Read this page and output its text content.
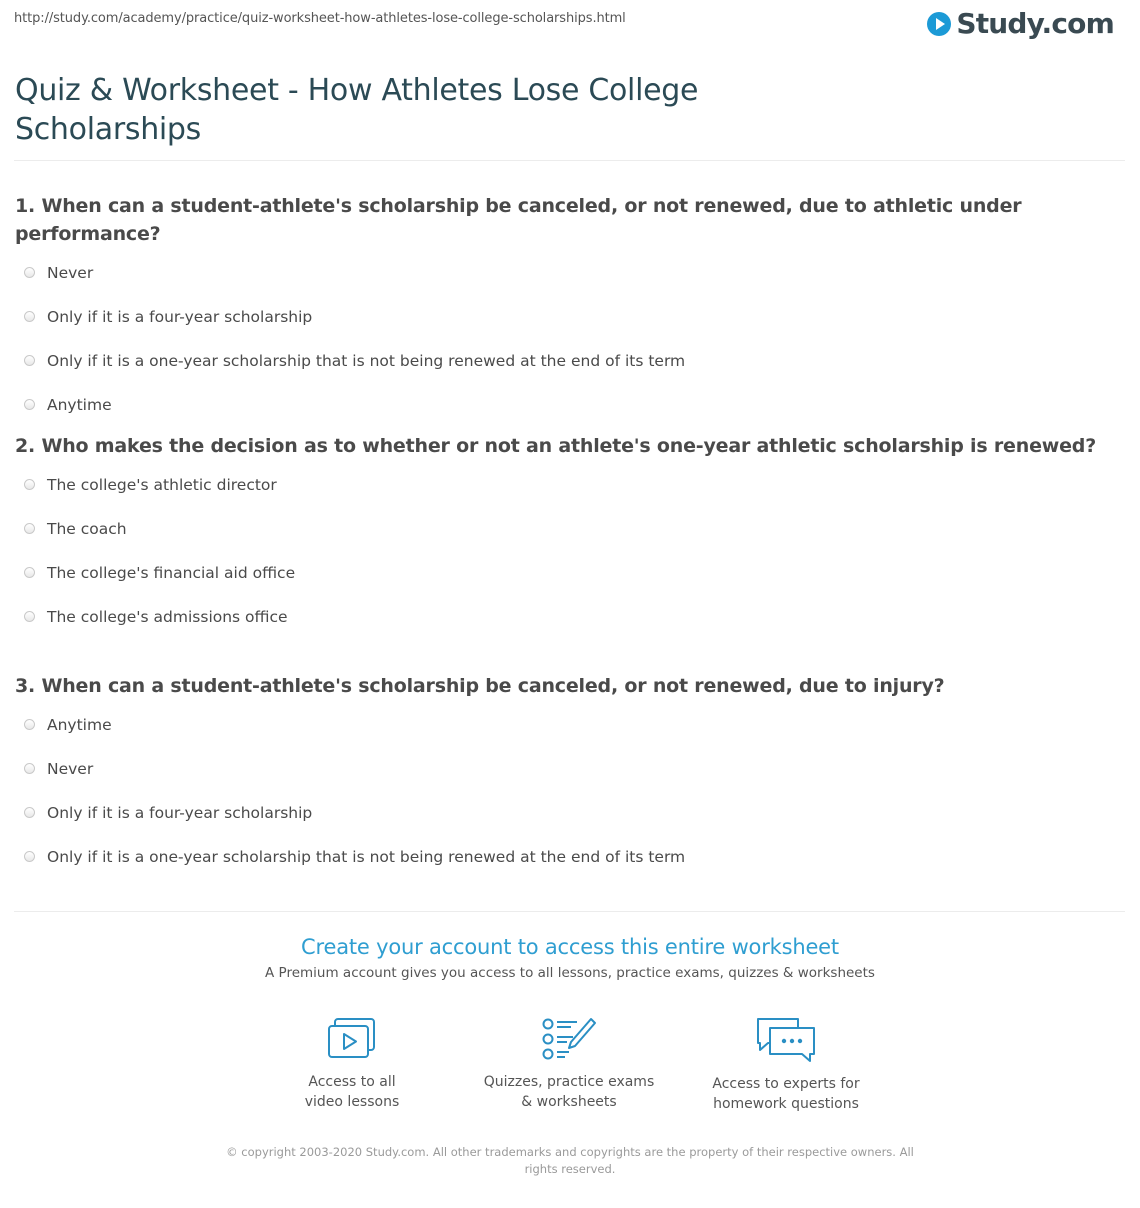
http://study.com/academy/practice/quiz-worksheet-how-athletes-lose-college-scholarships.html	Study.com
Quiz & Worksheet - How Athletes Lose College Scholarships
1. When can a student-athlete's scholarship be canceled, or not renewed, due to athletic under performance?
Never
Only if it is a four-year scholarship
Only if it is a one-year scholarship that is not being renewed at the end of its term
Anytime
2. Who makes the decision as to whether or not an athlete's one-year athletic scholarship is renewed?
The college's athletic director
The coach
The college's financial aid office
The college's admissions office
3. When can a student-athlete's scholarship be canceled, or not renewed, due to injury?
Anytime
Never
Only if it is a four-year scholarship
Only if it is a one-year scholarship that is not being renewed at the end of its term
Create your account to access this entire worksheet
A Premium account gives you access to all lessons, practice exams, quizzes & worksheets
Access to all
video lessons
Quizzes, practice exams
& worksheets
Access to experts for
homework questions
© copyright 2003-2020 Study.com. All other trademarks and copyrights are the property of their respective owners. All rights reserved.
